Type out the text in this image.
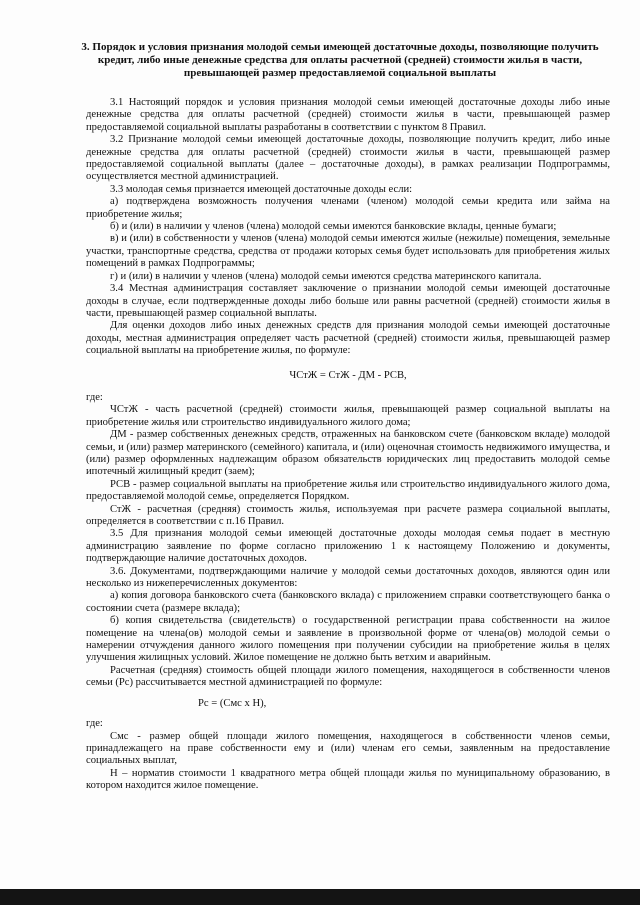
3. Порядок и условия признания молодой семьи имеющей достаточные доходы, позволяющие получить кредит, либо иные денежные средства для оплаты расчетной (средней) стоимости жилья в части, превышающей размер предоставляемой социальной выплаты

3.1 Настоящий порядок и условия признания молодой семьи имеющей достаточные доходы либо иные денежные средства для оплаты расчетной (средней) стоимости жилья в части, превышающей размер предоставляемой социальной выплаты разработаны в соответствии с пунктом 8 Правил.

3.2 Признание молодой семьи имеющей достаточные доходы, позволяющие получить кредит, либо иные денежные средства для оплаты расчетной (средней) стоимости жилья в части, превышающей размер предоставляемой социальной выплаты (далее – достаточные доходы), в рамках реализации Подпрограммы, осуществляется местной администрацией.

3.3 молодая семья признается имеющей достаточные доходы если:

а) подтверждена возможность получения членами (членом) молодой семьи кредита или займа на приобретение жилья;

б) и (или) в наличии у членов (члена) молодой семьи имеются банковские вклады, ценные бумаги;

в) и (или) в собственности у членов (члена) молодой семьи имеются жилые (нежилые) помещения, земельные участки, транспортные средства, средства от продажи которых семья будет использовать для приобретения жилых помещений в рамках Подпрограммы;

г) и (или) в наличии у членов (члена) молодой семьи имеются средства материнского капитала.

3.4 Местная администрация составляет заключение о признании молодой семьи имеющей достаточные доходы в случае, если подтвержденные доходы либо больше или равны расчетной (средней) стоимости жилья в части, превышающей размер социальной выплаты.

Для оценки доходов либо иных денежных средств для признания молодой семьи имеющей достаточные доходы, местная администрация определяет часть расчетной (средней) стоимости жилья, превышающей размер социальной выплаты на приобретение жилья, по формуле:

ЧСтЖ = СтЖ - ДМ - РСВ,

где:

ЧСтЖ - часть расчетной (средней) стоимости жилья, превышающей размер социальной выплаты на приобретение жилья или строительство индивидуального жилого дома;

ДМ - размер собственных денежных средств, отраженных на банковском счете (банковском вкладе) молодой семьи, и (или) размер материнского (семейного) капитала, и (или) оценочная стоимость недвижимого имущества, и (или) размер оформленных надлежащим образом обязательств юридических лиц предоставить молодой семье ипотечный жилищный кредит (заем);

РСВ - размер социальной выплаты на приобретение жилья или строительство индивидуального жилого дома, предоставляемой молодой семье, определяется Порядком.

СтЖ - расчетная (средняя) стоимость жилья, используемая при расчете размера социальной выплаты, определяется в соответствии с п.16 Правил.

3.5 Для признания молодой семьи имеющей достаточные доходы молодая семья подает в местную администрацию заявление по форме согласно приложению 1 к настоящему Положению и документы, подтверждающие наличие достаточных доходов.

3.6. Документами, подтверждающими наличие у молодой семьи достаточных доходов, являются один или несколько из нижеперечисленных документов:

а) копия договора банковского счета (банковского вклада) с приложением справки соответствующего банка о состоянии счета (размере вклада);

б) копия свидетельства (свидетельств) о государственной регистрации права собственности на жилое помещение на члена(ов) молодой семьи и заявление в произвольной форме от члена(ов) молодой семьи о намерении отчуждения данного жилого помещения при получении субсидии на приобретение жилья в целях улучшения жилищных условий. Жилое помещение не должно быть ветхим и аварийным.

Расчетная (средняя) стоимость общей площади жилого помещения, находящегося в собственности членов семьи (Рс) рассчитывается местной администрацией по формуле:

Рс = (Смс х Н),

где:

Смс - размер общей площади жилого помещения, находящегося в собственности членов семьи, принадлежащего на праве собственности ему и (или) членам его семьи, заявленным на предоставление социальных выплат,

Н – норматив стоимости 1 квадратного метра общей площади жилья по муниципальному образованию, в котором находится жилое помещение.
